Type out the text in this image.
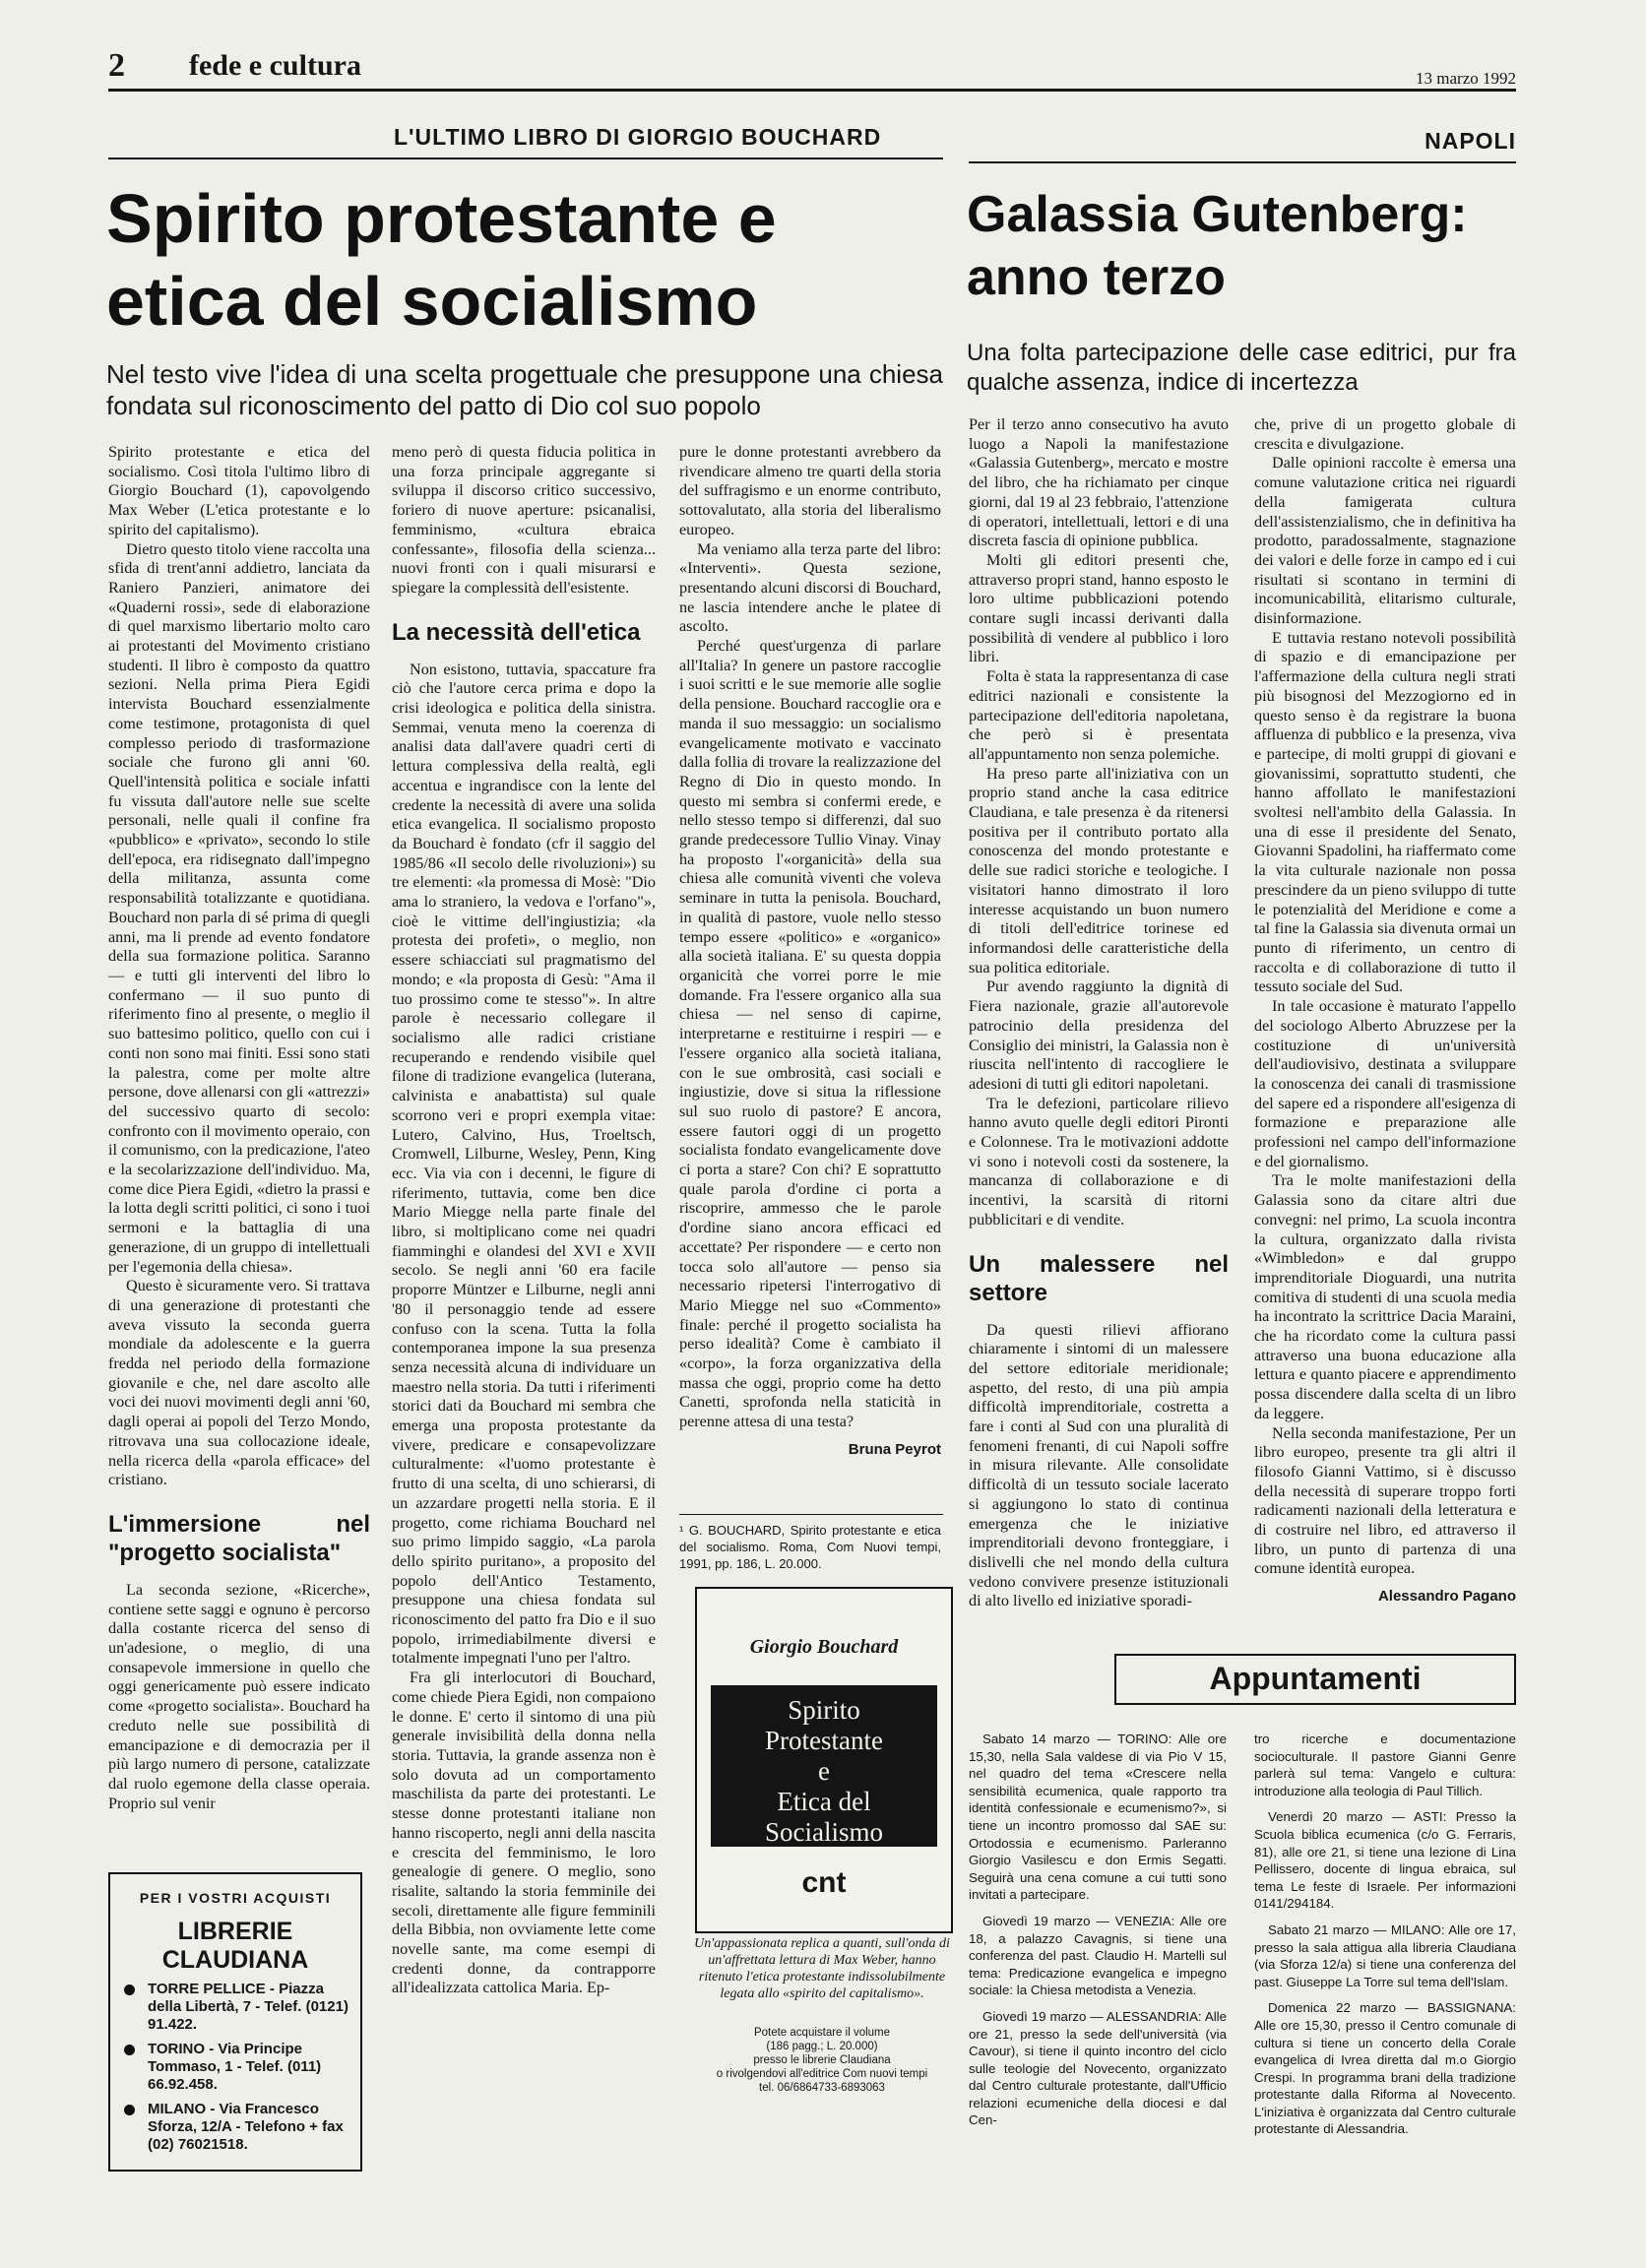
2 fede e cultura	13 marzo 1992
L'ULTIMO LIBRO DI GIORGIO BOUCHARD
Spirito protestante e
etica del socialismo
Nel testo vive l'idea di una scelta progettuale che presuppone una chiesa fondata sul riconoscimento del patto di Dio col suo popolo

Spirito protestante e etica del socialismo. Così titola l'ultimo libro di Giorgio Bouchard (1), capovolgendo Max Weber (L'etica protestante e lo spirito del capitalismo).

Dietro questo titolo viene raccolta una sfida di trent'anni addietro, lanciata da Raniero Panzieri, animatore dei «Quaderni rossi», sede di elaborazione di quel marxismo libertario molto caro ai protestanti del Movimento cristiano studenti. Il libro è composto da quattro sezioni. Nella prima Piera Egidi intervista Bouchard essenzialmente come testimone, protagonista di quel complesso periodo di trasformazione sociale che furono gli anni '60. Quell'intensità politica e sociale infatti fu vissuta dall'autore nelle sue scelte personali, nelle quali il confine fra «pubblico» e «privato», secondo lo stile dell'epoca, era ridisegnato dall'impegno della militanza, assunta come responsabilità totalizzante e quotidiana. Bouchard non parla di sé prima di quegli anni, ma li prende ad evento fondatore della sua formazione politica. Saranno — e tutti gli interventi del libro lo confermano — il suo punto di riferimento fino al presente, o meglio il suo battesimo politico, quello con cui i conti non sono mai finiti. Essi sono stati la palestra, come per molte altre persone, dove allenarsi con gli «attrezzi» del successivo quarto di secolo: confronto con il movimento operaio, con il comunismo, con la predicazione, l'ateo e la secolarizzazione dell'individuo. Ma, come dice Piera Egidi, «dietro la prassi e la lotta degli scritti politici, ci sono i tuoi sermoni e la battaglia di una generazione, di un gruppo di intellettuali per l'egemonia della chiesa».

Questo è sicuramente vero. Si trattava di una generazione di protestanti che aveva vissuto la seconda guerra mondiale da adolescente e la guerra fredda nel periodo della formazione giovanile e che, nel dare ascolto alle voci dei nuovi movimenti degli anni '60, dagli operai ai popoli del Terzo Mondo, ritrovava una sua collocazione ideale, nella ricerca della «parola efficace» del cristiano.

L'immersione nel "progetto socialista"

La seconda sezione, «Ricerche», contiene sette saggi e ognuno è percorso dalla costante ricerca del senso di un'adesione, o meglio, di una consapevole immersione in quello che oggi genericamente può essere indicato come «progetto socialista». Bouchard ha creduto nelle sue possibilità di emancipazione e di democrazia per il più largo numero di persone, catalizzate dal ruolo egemone della classe operaia. Proprio sul venir

meno però di questa fiducia politica in una forza principale aggregante si sviluppa il discorso critico successivo, foriero di nuove aperture: psicanalisi, femminismo, «cultura ebraica confessante», filosofia della scienza... nuovi fronti con i quali misurarsi e spiegare la complessità dell'esistente.

La necessità dell'etica

Non esistono, tuttavia, spaccature fra ciò che l'autore cerca prima e dopo la crisi ideologica e politica della sinistra. Semmai, venuta meno la coerenza di analisi data dall'avere quadri certi di lettura complessiva della realtà, egli accentua e ingrandisce con la lente del credente la necessità di avere una solida etica evangelica. Il socialismo proposto da Bouchard è fondato (cfr il saggio del 1985/86 «Il secolo delle rivoluzioni») su tre elementi: «la promessa di Mosè: "Dio ama lo straniero, la vedova e l'orfano"», cioè le vittime dell'ingiustizia; «la protesta dei profeti», o meglio, non essere schiacciati sul pragmatismo del mondo; e «la proposta di Gesù: "Ama il tuo prossimo come te stesso"». In altre parole è necessario collegare il socialismo alle radici cristiane recuperando e rendendo visibile quel filone di tradizione evangelica (luterana, calvinista e anabattista) sul quale scorrono veri e propri exempla vitae: Lutero, Calvino, Hus, Troeltsch, Cromwell, Lilburne, Wesley, Penn, King ecc. Via via con i decenni, le figure di riferimento, tuttavia, come ben dice Mario Miegge nella parte finale del libro, si moltiplicano come nei quadri fiamminghi e olandesi del XVI e XVII secolo. Se negli anni '60 era facile proporre Müntzer e Lilburne, negli anni '80 il personaggio tende ad essere confuso con la scena. Tutta la folla contemporanea impone la sua presenza senza necessità alcuna di individuare un maestro nella storia. Da tutti i riferimenti storici dati da Bouchard mi sembra che emerga una proposta protestante da vivere, predicare e consapevolizzare culturalmente: «l'uomo protestante è frutto di una scelta, di uno schierarsi, di un azzardare progetti nella storia. E il progetto, come richiama Bouchard nel suo primo limpido saggio, «La parola dello spirito puritano», a proposito del popolo dell'Antico Testamento, presuppone una chiesa fondata sul riconoscimento del patto fra Dio e il suo popolo, irrimediabilmente diversi e totalmente impegnati l'uno per l'altro.

Fra gli interlocutori di Bouchard, come chiede Piera Egidi, non compaiono le donne. E' certo il sintomo di una più generale invisibilità della donna nella storia. Tuttavia, la grande assenza non è solo dovuta ad un comportamento maschilista da parte dei protestanti. Le stesse donne protestanti italiane non hanno riscoperto, negli anni della nascita e crescita del femminismo, le loro genealogie di genere. O meglio, sono risalite, saltando la storia femminile dei secoli, direttamente alle figure femminili della Bibbia, non ovviamente lette come novelle sante, ma come esempi di credenti donne, da contrapporre all'idealizzata cattolica Maria. Ep-

pure le donne protestanti avrebbero da rivendicare almeno tre quarti della storia del suffragismo e un enorme contributo, sottovalutato, alla storia del liberalismo europeo.

Ma veniamo alla terza parte del libro: «Interventi». Questa sezione, presentando alcuni discorsi di Bouchard, ne lascia intendere anche le platee di ascolto.

Perché quest'urgenza di parlare all'Italia? In genere un pastore raccoglie i suoi scritti e le sue memorie alle soglie della pensione. Bouchard raccoglie ora e manda il suo messaggio: un socialismo evangelicamente motivato e vaccinato dalla follia di trovare la realizzazione del Regno di Dio in questo mondo. In questo mi sembra si confermi erede, e nello stesso tempo si differenzi, dal suo grande predecessore Tullio Vinay. Vinay ha proposto l'«organicità» della sua chiesa alle comunità viventi che voleva seminare in tutta la penisola. Bouchard, in qualità di pastore, vuole nello stesso tempo essere «politico» e «organico» alla società italiana. E' su questa doppia organicità che vorrei porre le mie domande. Fra l'essere organico alla sua chiesa — nel senso di capirne, interpretarne e restituirne i respiri — e l'essere organico alla società italiana, con le sue ombrosità, casi sociali e ingiustizie, dove si situa la riflessione sul suo ruolo di pastore? E ancora, essere fautori oggi di un progetto socialista fondato evangelicamente dove ci porta a stare? Con chi? E soprattutto quale parola d'ordine ci porta a riscoprire, ammesso che le parole d'ordine siano ancora efficaci ed accettate? Per rispondere — e certo non tocca solo all'autore — penso sia necessario ripetersi l'interrogativo di Mario Miegge nel suo «Commento» finale: perché il progetto socialista ha perso idealità? Come è cambiato il «corpo», la forza organizzativa della massa che oggi, proprio come ha detto Canetti, sprofonda nella staticità in perenne attesa di una testa?

Bruna Peyrot
¹ G. BOUCHARD, Spirito protestante e etica del socialismo. Roma, Com Nuovi tempi, 1991, pp. 186, L. 20.000.
Giorgio Bouchard
Spirito
Protestante
e
Etica del
Socialismo
cnt
Un'appassionata replica a quanti, sull'onda di un'affrettata lettura di Max Weber, hanno ritenuto l'etica protestante indissolubilmente legata allo «spirito del capitalismo».
Potete acquistare il volume
(186 pagg.; L. 20.000)
presso le librerie Claudiana
o rivolgendovi all'editrice Com nuovi tempi
tel. 06/6864733-6893063
PER I VOSTRI ACQUISTI
LIBRERIE
CLAUDIANA
TORRE PELLICE - Piazza della Libertà, 7 - Telef. (0121) 91.422.
TORINO - Via Principe Tommaso, 1 - Telef. (011) 66.92.458.
MILANO - Via Francesco Sforza, 12/A - Telefono + fax (02) 76021518.
NAPOLI
Galassia Gutenberg:
anno terzo
Una folta partecipazione delle case editrici, pur fra qualche assenza, indice di incertezza

Per il terzo anno consecutivo ha avuto luogo a Napoli la manifestazione «Galassia Gutenberg», mercato e mostre del libro, che ha richiamato per cinque giorni, dal 19 al 23 febbraio, l'attenzione di operatori, intellettuali, lettori e di una discreta fascia di opinione pubblica.

Molti gli editori presenti che, attraverso propri stand, hanno esposto le loro ultime pubblicazioni potendo contare sugli incassi derivanti dalla possibilità di vendere al pubblico i loro libri.

Folta è stata la rappresentanza di case editrici nazionali e consistente la partecipazione dell'editoria napoletana, che però si è presentata all'appuntamento non senza polemiche.

Ha preso parte all'iniziativa con un proprio stand anche la casa editrice Claudiana, e tale presenza è da ritenersi positiva per il contributo portato alla conoscenza del mondo protestante e delle sue radici storiche e teologiche. I visitatori hanno dimostrato il loro interesse acquistando un buon numero di titoli dell'editrice torinese ed informandosi delle caratteristiche della sua politica editoriale.

Pur avendo raggiunto la dignità di Fiera nazionale, grazie all'autorevole patrocinio della presidenza del Consiglio dei ministri, la Galassia non è riuscita nell'intento di raccogliere le adesioni di tutti gli editori napoletani.

Tra le defezioni, particolare rilievo hanno avuto quelle degli editori Pironti e Colonnese. Tra le motivazioni addotte vi sono i notevoli costi da sostenere, la mancanza di collaborazione e di incentivi, la scarsità di ritorni pubblicitari e di vendite.

Un malessere nel settore

Da questi rilievi affiorano chiaramente i sintomi di un malessere del settore editoriale meridionale; aspetto, del resto, di una più ampia difficoltà imprenditoriale, costretta a fare i conti al Sud con una pluralità di fenomeni frenanti, di cui Napoli soffre in misura rilevante. Alle consolidate difficoltà di un tessuto sociale lacerato si aggiungono lo stato di continua emergenza che le iniziative imprenditoriali devono fronteggiare, i dislivelli che nel mondo della cultura vedono convivere presenze istituzionali di alto livello ed iniziative sporadi-

che, prive di un progetto globale di crescita e divulgazione.

Dalle opinioni raccolte è emersa una comune valutazione critica nei riguardi della famigerata cultura dell'assistenzialismo, che in definitiva ha prodotto, paradossalmente, stagnazione dei valori e delle forze in campo ed i cui risultati si scontano in termini di incomunicabilità, elitarismo culturale, disinformazione.

E tuttavia restano notevoli possibilità di spazio e di emancipazione per l'affermazione della cultura negli strati più bisognosi del Mezzogiorno ed in questo senso è da registrare la buona affluenza di pubblico e la presenza, viva e partecipe, di molti gruppi di giovani e giovanissimi, soprattutto studenti, che hanno affollato le manifestazioni svoltesi nell'ambito della Galassia. In una di esse il presidente del Senato, Giovanni Spadolini, ha riaffermato come la vita culturale nazionale non possa prescindere da un pieno sviluppo di tutte le potenzialità del Meridione e come a tal fine la Galassia sia divenuta ormai un punto di riferimento, un centro di raccolta e di collaborazione di tutto il tessuto sociale del Sud.

In tale occasione è maturato l'appello del sociologo Alberto Abruzzese per la costituzione di un'università dell'audiovisivo, destinata a sviluppare la conoscenza dei canali di trasmissione del sapere ed a rispondere all'esigenza di formazione e preparazione alle professioni nel campo dell'informazione e del giornalismo.

Tra le molte manifestazioni della Galassia sono da citare altri due convegni: nel primo, La scuola incontra la cultura, organizzato dalla rivista «Wimbledon» e dal gruppo imprenditoriale Dioguardi, una nutrita comitiva di studenti di una scuola media ha incontrato la scrittrice Dacia Maraini, che ha ricordato come la cultura passi attraverso una buona educazione alla lettura e quanto piacere e apprendimento possa discendere dalla scelta di un libro da leggere.

Nella seconda manifestazione, Per un libro europeo, presente tra gli altri il filosofo Gianni Vattimo, si è discusso della necessità di superare troppo forti radicamenti nazionali della letteratura e di costruire nel libro, ed attraverso il libro, un punto di partenza di una comune identità europea.

Alessandro Pagano
Appuntamenti

Sabato 14 marzo — TORINO: Alle ore 15,30, nella Sala valdese di via Pio V 15, nel quadro del tema «Crescere nella sensibilità ecumenica, quale rapporto tra identità confessionale e ecumenismo?», si tiene un incontro promosso dal SAE su: Ortodossia e ecumenismo. Parleranno Giorgio Vasilescu e don Ermis Segatti. Seguirà una cena comune a cui tutti sono invitati a partecipare.

Giovedì 19 marzo — VENEZIA: Alle ore 18, a palazzo Cavagnis, si tiene una conferenza del past. Claudio H. Martelli sul tema: Predicazione evangelica e impegno sociale: la Chiesa metodista a Venezia.

Giovedì 19 marzo — ALESSANDRIA: Alle ore 21, presso la sede dell'università (via Cavour), si tiene il quinto incontro del ciclo sulle teologie del Novecento, organizzato dal Centro culturale protestante, dall'Ufficio relazioni ecumeniche della diocesi e dal Cen-

tro ricerche e documentazione socioculturale. Il pastore Gianni Genre parlerà sul tema: Vangelo e cultura: introduzione alla teologia di Paul Tillich.

Venerdì 20 marzo — ASTI: Presso la Scuola biblica ecumenica (c/o G. Ferraris, 81), alle ore 21, si tiene una lezione di Lina Pellissero, docente di lingua ebraica, sul tema Le feste di Israele. Per informazioni 0141/294184.

Sabato 21 marzo — MILANO: Alle ore 17, presso la sala attigua alla libreria Claudiana (via Sforza 12/a) si tiene una conferenza del past. Giuseppe La Torre sul tema dell'Islam.

Domenica 22 marzo — BASSIGNANA: Alle ore 15,30, presso il Centro comunale di cultura si tiene un concerto della Corale evangelica di Ivrea diretta dal m.o Giorgio Crespi. In programma brani della tradizione protestante dalla Riforma al Novecento. L'iniziativa è organizzata dal Centro culturale protestante di Alessandria.
